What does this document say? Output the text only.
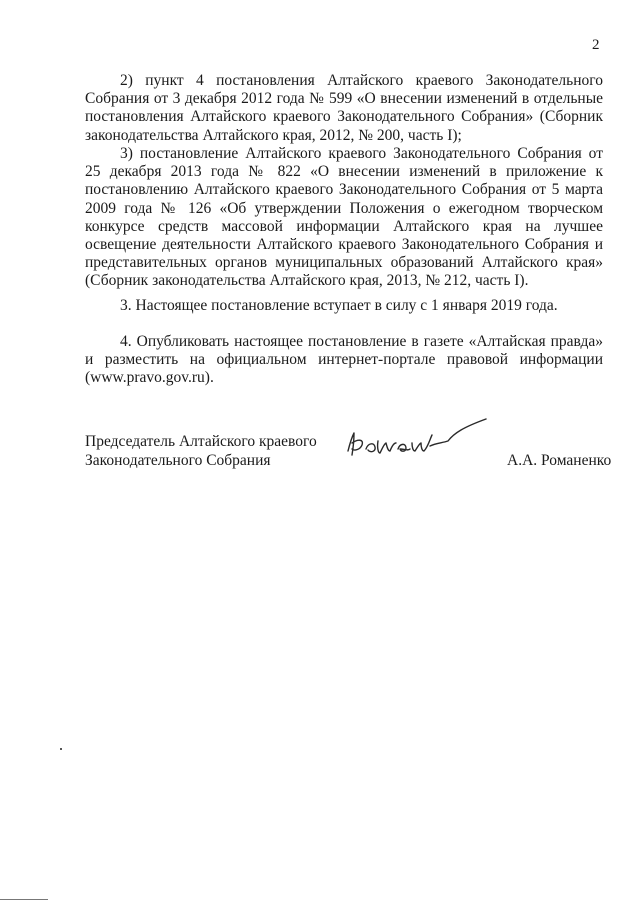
2

2) пункт 4 постановления Алтайского краевого Законодательного Собрания от 3 декабря 2012 года № 599 «О внесении изменений в отдельные постановления Алтайского краевого Законодательного Собрания» (Сборник законодательства Алтайского края, 2012, № 200, часть I);

3) постановление Алтайского краевого Законодательного Собрания от 25 декабря 2013 года № 822 «О внесении изменений в приложение к постановлению Алтайского краевого Законодательного Собрания от 5 марта 2009 года № 126 «Об утверждении Положения о ежегодном творческом конкурсе средств массовой информации Алтайского края на лучшее освещение деятельности Алтайского краевого Законодательного Собрания и представительных органов муниципальных образований Алтайского края» (Сборник законодательства Алтайского края, 2013, № 212, часть I).

3. Настоящее постановление вступает в силу с 1 января 2019 года.

4. Опубликовать настоящее постановление в газете «Алтайская правда» и разместить на официальном интернет-портале правовой информации (www.pravo.gov.ru).

Председатель Алтайского краевого
Законодательного Собрания	А.А. Романенко
